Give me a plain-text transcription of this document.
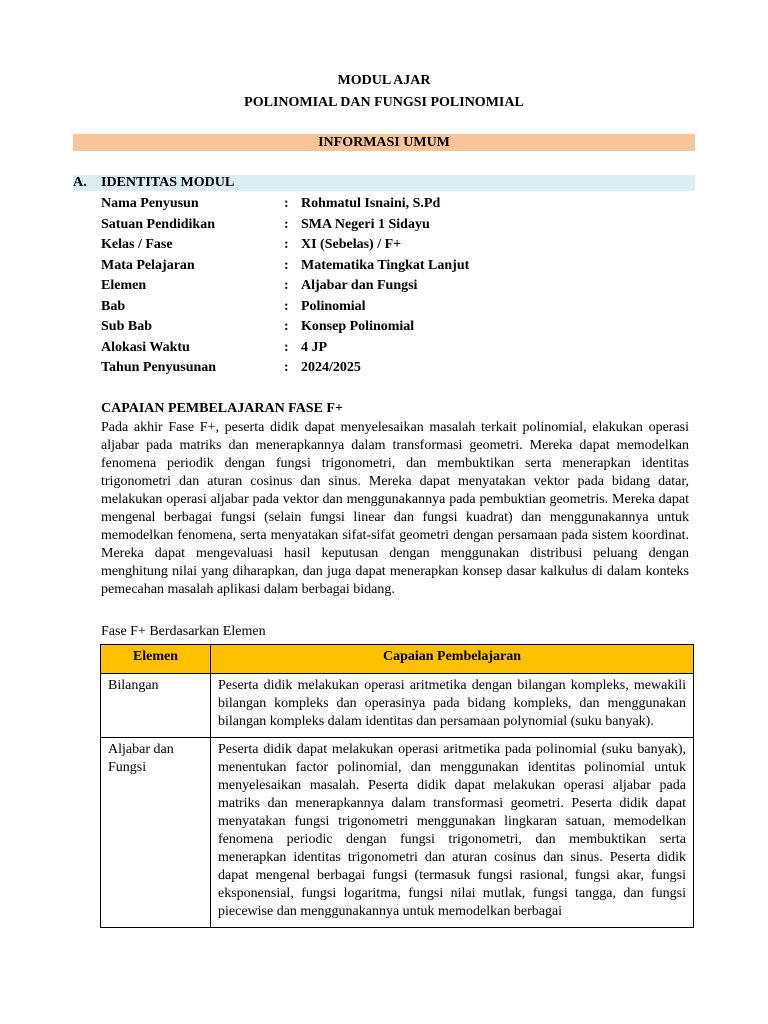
MODUL AJAR
POLINOMIAL DAN FUNGSI POLINOMIAL
INFORMASI UMUM
A. IDENTITAS MODUL
Nama Penyusun	: Rohmatul Isnaini, S.Pd
Satuan Pendidikan	: SMA Negeri 1 Sidayu
Kelas / Fase	: XI (Sebelas) / F+
Mata Pelajaran	: Matematika Tingkat Lanjut
Elemen	: Aljabar dan Fungsi
Bab	: Polinomial
Sub Bab	: Konsep Polinomial
Alokasi Waktu	: 4 JP
Tahun Penyusunan	: 2024/2025
CAPAIAN PEMBELAJARAN FASE F+
Pada akhir Fase F+, peserta didik dapat menyelesaikan masalah terkait polinomial, elakukan operasi aljabar pada matriks dan menerapkannya dalam transformasi geometri. Mereka dapat memodelkan fenomena periodik dengan fungsi trigonometri, dan membuktikan serta menerapkan identitas trigonometri dan aturan cosinus dan sinus. Mereka dapat menyatakan vektor pada bidang datar, melakukan operasi aljabar pada vektor dan menggunakannya pada pembuktian geometris. Mereka dapat mengenal berbagai fungsi (selain fungsi linear dan fungsi kuadrat) dan menggunakannya untuk memodelkan fenomena, serta menyatakan sifat-sifat geometri dengan persamaan pada sistem koordinat. Mereka dapat mengevaluasi hasil keputusan dengan menggunakan distribusi peluang dengan menghitung nilai yang diharapkan, dan juga dapat menerapkan konsep dasar kalkulus di dalam konteks pemecahan masalah aplikasi dalam berbagai bidang.
Fase F+ Berdasarkan Elemen
Elemen	Capaian Pembelajaran
Bilangan	Peserta didik melakukan operasi aritmetika dengan bilangan kompleks, mewakili bilangan kompleks dan operasinya pada bidang kompleks, dan menggunakan bilangan kompleks dalam identitas dan persamaan polynomial (suku banyak).
Aljabar dan Fungsi	Peserta didik dapat melakukan operasi aritmetika pada polinomial (suku banyak), menentukan factor polinomial, dan menggunakan identitas polinomial untuk menyelesaikan masalah. Peserta didik dapat melakukan operasi aljabar pada matriks dan menerapkannya dalam transformasi geometri. Peserta didik dapat menyatakan fungsi trigonometri menggunakan lingkaran satuan, memodelkan fenomena periodic dengan fungsi trigonometri, dan membuktikan serta menerapkan identitas trigonometri dan aturan cosinus dan sinus. Peserta didik dapat mengenal berbagai fungsi (termasuk fungsi rasional, fungsi akar, fungsi eksponensial, fungsi logaritma, fungsi nilai mutlak, fungsi tangga, dan fungsi piecewise dan menggunakannya untuk memodelkan berbagai
